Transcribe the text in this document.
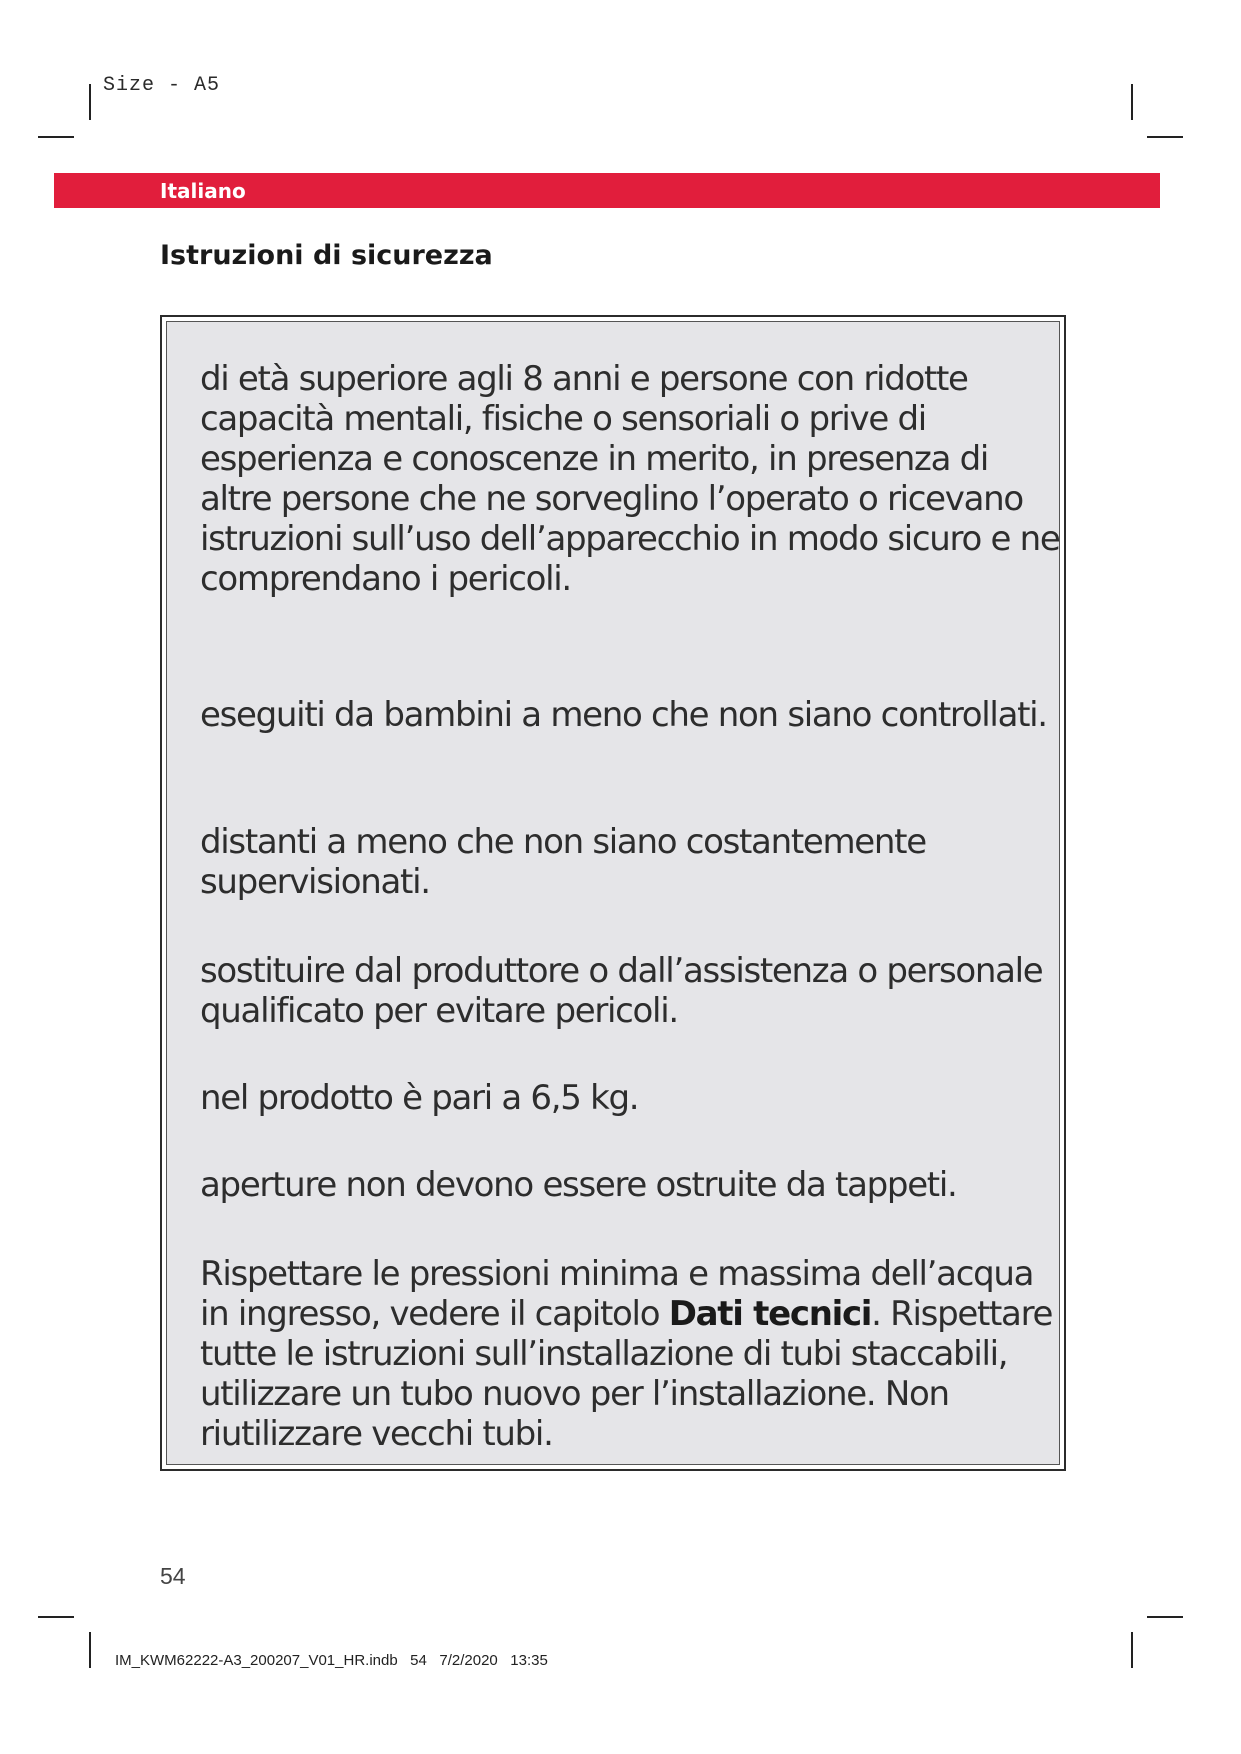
Size - A5
Italiano
Istruzioni di sicurezza

di età superiore agli 8 anni e persone con ridotte capacità mentali, fisiche o sensoriali o prive di esperienza e conoscenze in merito, in presenza di altre persone che ne sorveglino l’operato o ricevano istruzioni sull’uso dell’apparecchio in modo sicuro e ne comprendano i pericoli.

eseguiti da bambini a meno che non siano controllati.

distanti a meno che non siano costantemente supervisionati.

sostituire dal produttore o dall’assistenza o personale qualificato per evitare pericoli.

nel prodotto è pari a 6,5 kg.

aperture non devono essere ostruite da tappeti.

Rispettare le pressioni minima e massima dell’acqua in ingresso, vedere il capitolo Dati tecnici. Rispettare tutte le istruzioni sull’installazione di tubi staccabili, utilizzare un tubo nuovo per l’installazione. Non riutilizzare vecchi tubi.

54
IM_KWM62222-A3_200207_V01_HR.indb   54   7/2/2020   13:35
